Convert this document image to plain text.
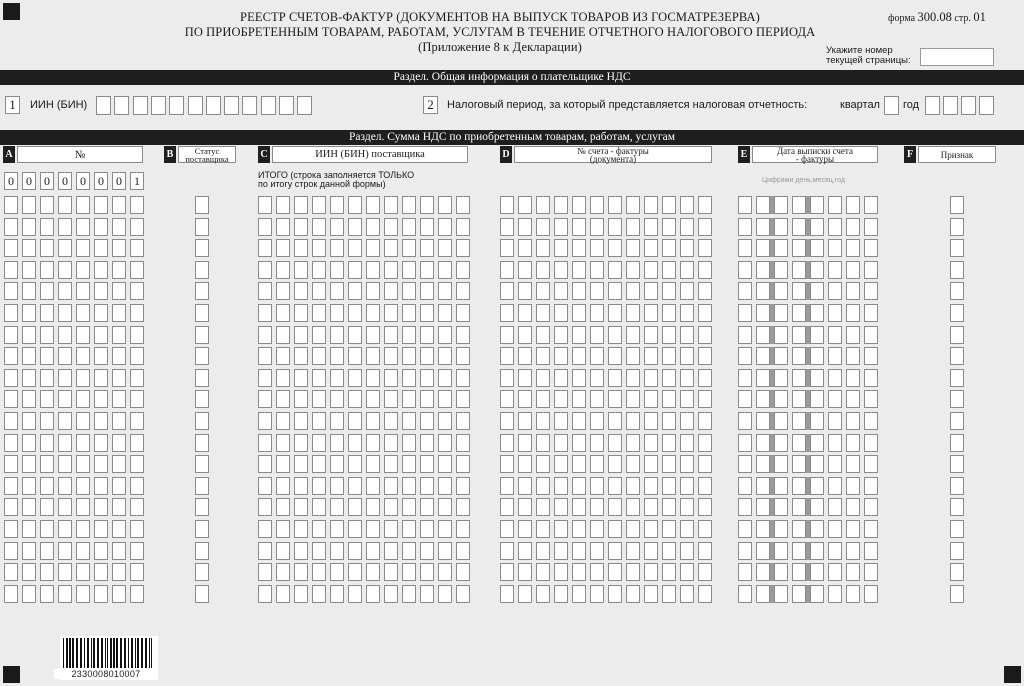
РЕЕСТР СЧЕТОВ-ФАКТУР (ДОКУМЕНТОВ НА ВЫПУСК ТОВАРОВ ИЗ ГОСМАТРЕЗЕРВА)
ПО ПРИОБРЕТЕННЫМ ТОВАРАМ, РАБОТАМ, УСЛУГАМ В ТЕЧЕНИЕ ОТЧЕТНОГО НАЛОГОВОГО ПЕРИОДА
(Приложение 8 к Декларации)
форма 300.08 стр. 01
Укажите номер
текущей страницы:
Раздел. Общая информация о плательщике НДС
1	ИИН (БИН)	2	Налоговый период, за который представляется налоговая отчетность:	квартал год
Раздел. Сумма НДС по приобретенным товарам, работам, услугам
A	№	B	Статус поставщика	C	ИИН (БИН) поставщика	D	№ счета - фактуры (документа)	E	Дата выписки счета - фактуры	F	Признак
0	0	0	0	0	0	0	1	ИТОГО (строка заполняется ТОЛЬКО
по итогу строк данной формы)	Цифрами день,месяц,год
2330008010007
